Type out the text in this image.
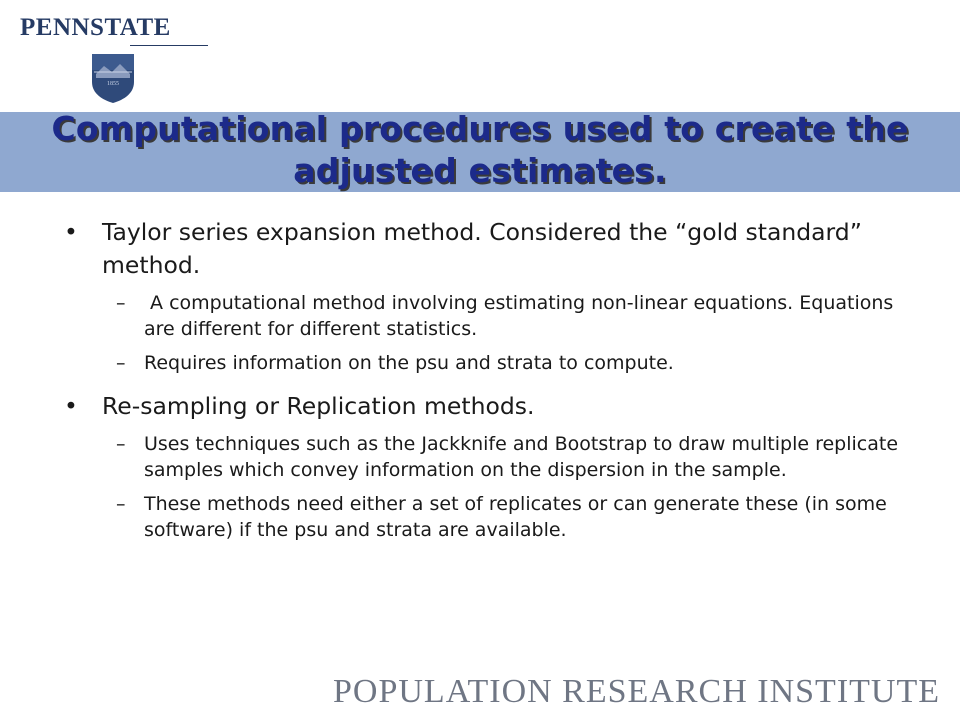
PENNSTATE
1855
Computational procedures used to create the adjusted estimates.
• Taylor series expansion method. Considered the “gold standard” method.
– A computational method involving estimating non-linear equations. Equations are different for different statistics.
– Requires information on the psu and strata to compute.
• Re-sampling or Replication methods.
– Uses techniques such as the Jackknife and Bootstrap to draw multiple replicate samples which convey information on the dispersion in the sample.
– These methods need either a set of replicates or can generate these (in some software) if the psu and strata are available.
POPULATION RESEARCH INSTITUTE
